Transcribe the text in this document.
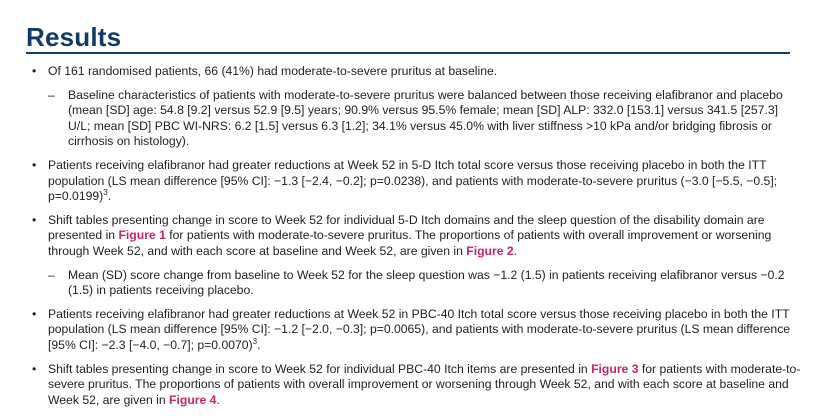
Results
• Of 161 randomised patients, 66 (41%) had moderate-to-severe pruritus at baseline.
– Baseline characteristics of patients with moderate-to-severe pruritus were balanced between those receiving elafibranor and placebo (mean [SD] age: 54.8 [9.2] versus 52.9 [9.5] years; 90.9% versus 95.5% female; mean [SD] ALP: 332.0 [153.1] versus 341.5 [257.3] U/L; mean [SD] PBC WI-NRS: 6.2 [1.5] versus 6.3 [1.2]; 34.1% versus 45.0% with liver stiffness >10 kPa and/or bridging fibrosis or cirrhosis on histology).
• Patients receiving elafibranor had greater reductions at Week 52 in 5-D Itch total score versus those receiving placebo in both the ITT population (LS mean difference [95% CI]: −1.3 [−2.4, −0.2]; p=0.0238), and patients with moderate-to-severe pruritus (−3.0 [−5.5, −0.5]; p=0.0199)$^3$.
• Shift tables presenting change in score to Week 52 for individual 5-D Itch domains and the sleep question of the disability domain are presented in Figure 1 for patients with moderate-to-severe pruritus. The proportions of patients with overall improvement or worsening through Week 52, and with each score at baseline and Week 52, are given in Figure 2.
– Mean (SD) score change from baseline to Week 52 for the sleep question was −1.2 (1.5) in patients receiving elafibranor versus −0.2 (1.5) in patients receiving placebo.
• Patients receiving elafibranor had greater reductions at Week 52 in PBC-40 Itch total score versus those receiving placebo in both the ITT population (LS mean difference [95% CI]: −1.2 [−2.0, −0.3]; p=0.0065), and patients with moderate-to-severe pruritus (LS mean difference [95% CI]: −2.3 [−4.0, −0.7]; p=0.0070)$^3$.
• Shift tables presenting change in score to Week 52 for individual PBC-40 Itch items are presented in Figure 3 for patients with moderate-to-severe pruritus. The proportions of patients with overall improvement or worsening through Week 52, and with each score at baseline and Week 52, are given in Figure 4.
